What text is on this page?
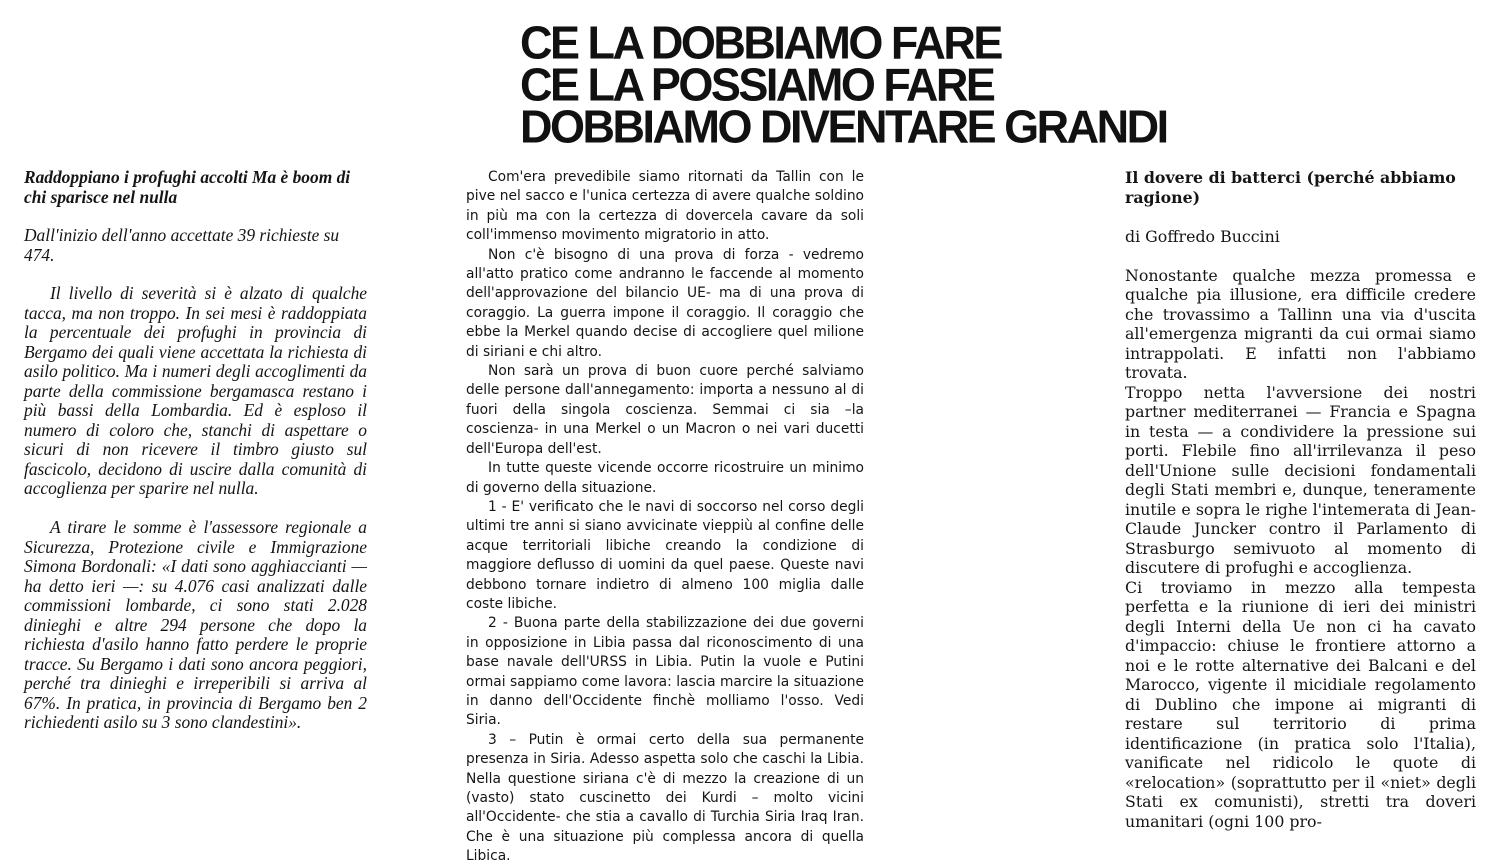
CE LA DOBBIAMO FARE
CE LA POSSIAMO FARE
DOBBIAMO DIVENTARE GRANDI
Raddoppiano i profughi accolti Ma è boom di chi sparisce nel nulla
Dall'inizio dell'anno accettate 39 richieste su 474.

Il livello di severità si è alzato di qualche tacca, ma non troppo. In sei mesi è raddoppiata la percentuale dei profughi in provincia di Bergamo dei quali viene accettata la richiesta di asilo politico. Ma i numeri degli accoglimenti da parte della commissione bergamasca restano i più bassi della Lombardia. Ed è esploso il numero di coloro che, stanchi di aspettare o sicuri di non ricevere il timbro giusto sul fascicolo, decidono di uscire dalla comunità di accoglienza per sparire nel nulla.

A tirare le somme è l'assessore regionale a Sicurezza, Protezione civile e Immigrazione Simona Bordonali: «I dati sono agghiaccianti — ha detto ieri —: su 4.076 casi analizzati dalle commissioni lombarde, ci sono stati 2.028 dinieghi e altre 294 persone che dopo la richiesta d'asilo hanno fatto perdere le proprie tracce. Su Bergamo i dati sono ancora peggiori, perché tra dinieghi e irreperibili si arriva al 67%. In pratica, in provincia di Bergamo ben 2 richiedenti asilo su 3 sono clandestini».

Com'era prevedibile siamo ritornati da Tallin con le pive nel sacco e l'unica certezza di avere qualche soldino in più ma con la certezza di dovercela cavare da soli coll'immenso movimento migratorio in atto.

Non c'è bisogno di una prova di forza - vedremo all'atto pratico come andranno le faccende al momento dell'approvazione del bilancio UE- ma di una prova di coraggio. La guerra impone il coraggio. Il coraggio che ebbe la Merkel quando decise di accogliere quel milione di siriani e chi altro.

Non sarà un prova di buon cuore perché salviamo delle persone dall'annegamento: importa a nessuno al di fuori della singola coscienza. Semmai ci sia –la coscienza- in una Merkel o un Macron o nei vari ducetti dell'Europa dell'est.

In tutte queste vicende occorre ricostruire un minimo di governo della situazione.

1 - E' verificato che le navi di soccorso nel corso degli ultimi tre anni si siano avvicinate vieppiù al confine delle acque territoriali libiche creando la condizione di maggiore deflusso di uomini da quel paese. Queste navi debbono tornare indietro di almeno 100 miglia dalle coste libiche.

2 - Buona parte della stabilizzazione dei due governi in opposizione in Libia passa dal riconoscimento di una base navale dell'URSS in Libia. Putin la vuole e Putini ormai sappiamo come lavora: lascia marcire la situazione in danno dell'Occidente finchè molliamo l'osso. Vedi Siria.

3 – Putin è ormai certo della sua permanente presenza in Siria. Adesso aspetta solo che caschi la Libia. Nella questione siriana c'è di mezzo la creazione di un (vasto) stato cuscinetto dei Kurdi – molto vicini all'Occidente- che stia a cavallo di Turchia Siria Iraq Iran. Che è una situazione più complessa ancora di quella Libica.

Il dovere di batterci (perché abbiamo ragione)
di Goffredo Buccini

Nonostante qualche mezza promessa e qualche pia illusione, era difficile credere che trovassimo a Tallinn una via d'uscita all'emergenza migranti da cui ormai siamo intrappolati. E infatti non l'abbiamo trovata.

Troppo netta l'avversione dei nostri partner mediterranei — Francia e Spagna in testa — a condividere la pressione sui porti. Flebile fino all'irrilevanza il peso dell'Unione sulle decisioni fondamentali degli Stati membri e, dunque, teneramente inutile e sopra le righe l'intemerata di Jean-Claude Juncker contro il Parlamento di Strasburgo semivuoto al momento di discutere di profughi e accoglienza.

Ci troviamo in mezzo alla tempesta perfetta e la riunione di ieri dei ministri degli Interni della Ue non ci ha cavato d'impaccio: chiuse le frontiere attorno a noi e le rotte alternative dei Balcani e del Marocco, vigente il micidiale regolamento di Dublino che impone ai migranti di restare sul territorio di prima identificazione (in pratica solo l'Italia), vanificate nel ridicolo le quote di «relocation» (soprattutto per il «niet» degli Stati ex comunisti), stretti tra doveri umanitari (ogni 100 pro-
